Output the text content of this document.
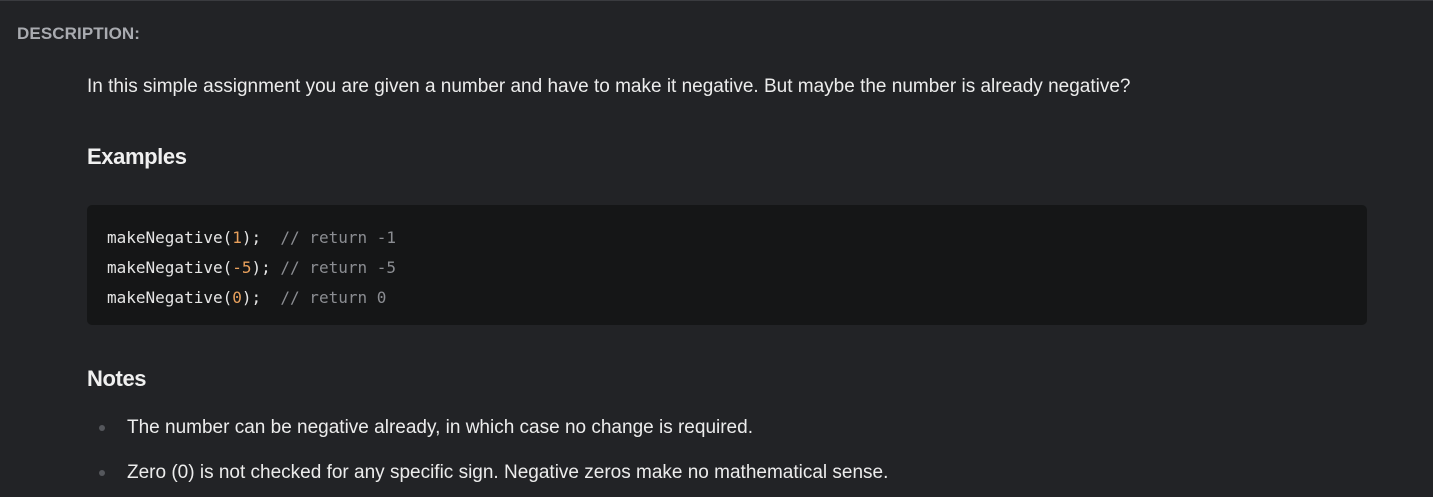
DESCRIPTION:
In this simple assignment you are given a number and have to make it negative. But maybe the number is already negative?
Examples
makeNegative(1);  // return -1
makeNegative(-5); // return -5
makeNegative(0);  // return 0
Notes
The number can be negative already, in which case no change is required.
Zero (0) is not checked for any specific sign. Negative zeros make no mathematical sense.
